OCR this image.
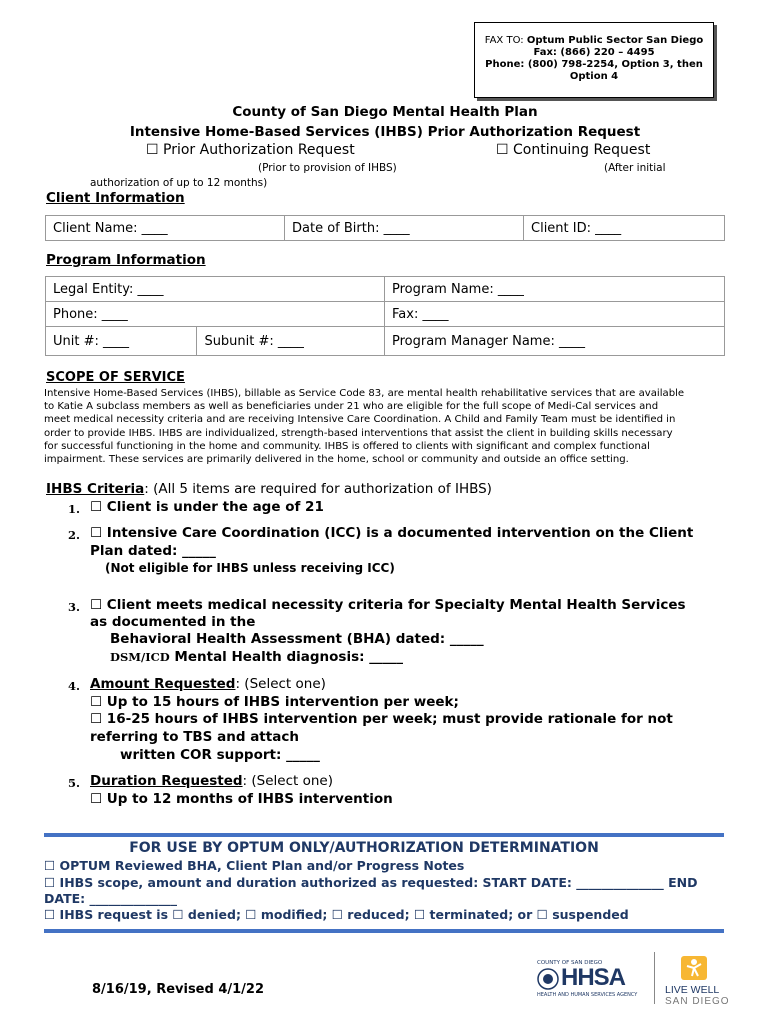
FAX TO: Optum Public Sector San Diego
Fax: (866) 220 – 4495
Phone: (800) 798-2254, Option 3, then
Option 4
County of San Diego Mental Health Plan
Intensive Home-Based Services (IHBS) Prior Authorization Request
☐ Prior Authorization Request	☐ Continuing Request
(Prior to provision of IHBS)	(After initial
authorization of up to 12 months)
Client Information
Client Name: ____	Date of Birth: ____	Client ID: ____
Program Information
Legal Entity: ____		Program Name: ____
Phone: ____		Fax: ____
Unit #: ____	Subunit #: ____	Program Manager Name: ____
SCOPE OF SERVICE
Intensive Home-Based Services (IHBS), billable as Service Code 83, are mental health rehabilitative services that are available
to Katie A subclass members as well as beneficiaries under 21 who are eligible for the full scope of Medi-Cal services and
meet medical necessity criteria and are receiving Intensive Care Coordination. A Child and Family Team must be identified in
order to provide IHBS. IHBS are individualized, strength-based interventions that assist the client in building skills necessary
for successful functioning in the home and community. IHBS is offered to clients with significant and complex functional
impairment. These services are primarily delivered in the home, school or community and outside an office setting.
IHBS Criteria: (All 5 items are required for authorization of IHBS)
1. ☐ Client is under the age of 21
2. ☐ Intensive Care Coordination (ICC) is a documented intervention on the Client
Plan dated: _____
(Not eligible for IHBS unless receiving ICC)
3. ☐ Client meets medical necessity criteria for Specialty Mental Health Services
as documented in the
Behavioral Health Assessment (BHA) dated: _____
DSM/ICD Mental Health diagnosis: _____
4. Amount Requested: (Select one)
☐ Up to 15 hours of IHBS intervention per week;
☐ 16-25 hours of IHBS intervention per week; must provide rationale for not
referring to TBS and attach
written COR support: _____
5. Duration Requested: (Select one)
☐ Up to 12 months of IHBS intervention
FOR USE BY OPTUM ONLY/AUTHORIZATION DETERMINATION
☐ OPTUM Reviewed BHA, Client Plan and/or Progress Notes
☐ IHBS scope, amount and duration authorized as requested: START DATE: ______________ END
DATE: ______________
☐ IHBS request is ☐ denied; ☐ modified; ☐ reduced; ☐ terminated; or ☐ suspended
8/16/19, Revised 4/1/22
COUNTY OF SAN DIEGO
HHSA
HEALTH AND HUMAN SERVICES AGENCY	LIVE WELL
SAN DIEGO
